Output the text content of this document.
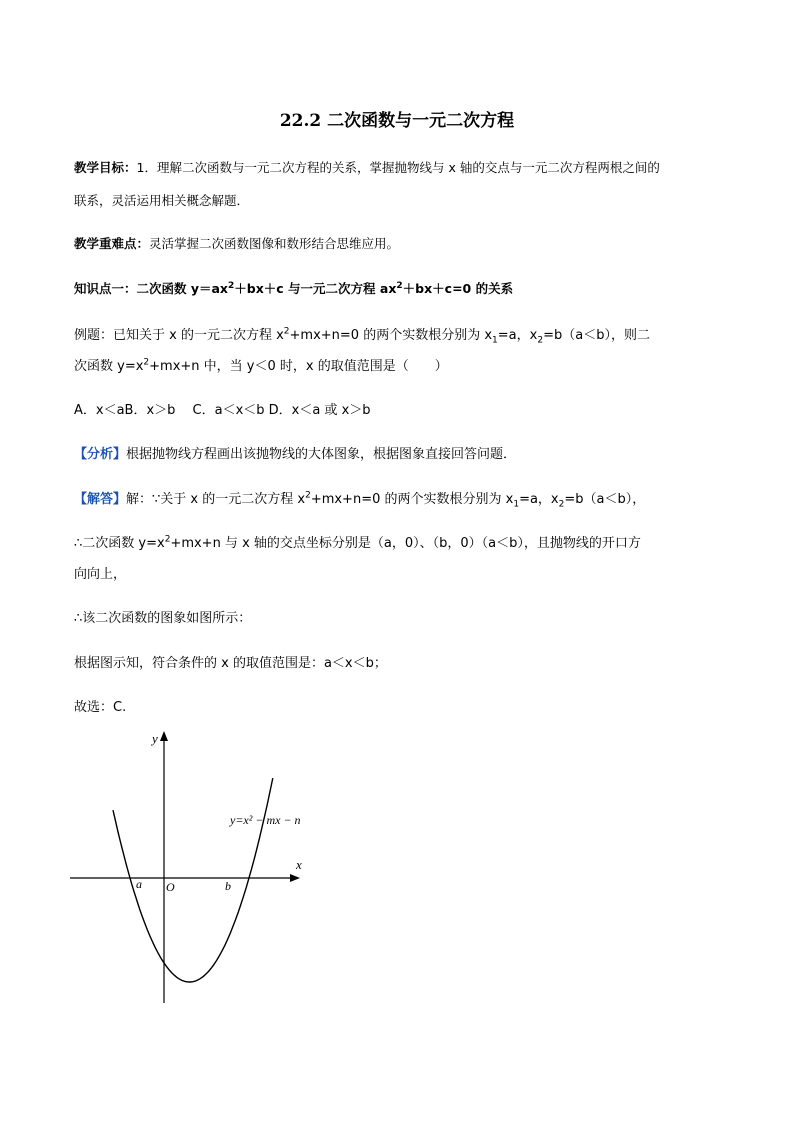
22.2 二次函数与一元二次方程
教学目标：1．理解二次函数与一元二次方程的关系，掌握抛物线与 x 轴的交点与一元二次方程两根之间的
联系，灵活运用相关概念解题．
教学重难点：灵活掌握二次函数图像和数形结合思维应用。
知识点一：二次函数 $y=ax^2+bx+c$ 与一元二次方程 $ax^2+bx+c=0$ 的关系
例题：已知关于 x 的一元二次方程 $x^2+mx+n=0$ 的两个实数根分别为 $x_1=a$，$x_2=b(a<b)$，则二
次函数 $y=x^2+mx+n$ 中，当 y＜0 时，x 的取值范围是（　　）
A．x＜aB．x＞b　 C．a＜x＜b D．x＜a 或 x＞b
【分析】根据抛物线方程画出该抛物线的大体图象，根据图象直接回答问题．
【解答】解：∵关于 x 的一元二次方程 $x^2+mx+n=0$ 的两个实数根分别为 $x_1=a$，$x_2=b(a<b)$，
∴二次函数 $y=x^2+mx+n$ 与 x 轴的交点坐标分别是（a，0）、（b，0）（a＜b），且抛物线的开口方
向向上，
∴该二次函数的图象如图所示：
根据图示知，符合条件的 x 的取值范围是：a＜x＜b；
故选：C.
y
x
O
a	b
y=x² − mx − n
